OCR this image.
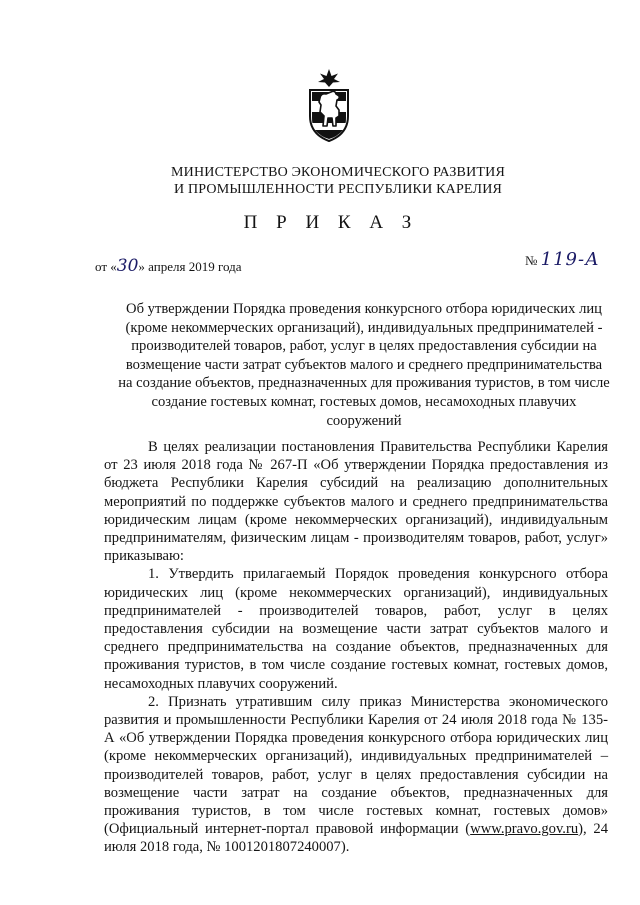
МИНИСТЕРСТВО ЭКОНОМИЧЕСКОГО РАЗВИТИЯ
И ПРОМЫШЛЕННОСТИ РЕСПУБЛИКИ КАРЕЛИЯ
П Р И К А З
от «30» апреля 2019 года	№ 119-А
Об утверждении Порядка проведения конкурсного отбора юридических лиц (кроме некоммерческих организаций), индивидуальных предпринимателей - производителей товаров, работ, услуг в целях предоставления субсидии на возмещение части затрат субъектов малого и среднего предпринимательства на создание объектов, предназначенных для проживания туристов, в том числе создание гостевых комнат, гостевых домов, несамоходных плавучих сооружений

В целях реализации постановления Правительства Республики Карелия от 23 июля 2018 года № 267-П «Об утверждении Порядка предоставления из бюджета Республики Карелия субсидий на реализацию дополнительных мероприятий по поддержке субъектов малого и среднего предпринимательства юридическим лицам (кроме некоммерческих организаций), индивидуальным предпринимателям, физическим лицам - производителям товаров, работ, услуг» приказываю:

1. Утвердить прилагаемый Порядок проведения конкурсного отбора юридических лиц (кроме некоммерческих организаций), индивидуальных предпринимателей - производителей товаров, работ, услуг в целях предоставления субсидии на возмещение части затрат субъектов малого и среднего предпринимательства на создание объектов, предназначенных для проживания туристов, в том числе создание гостевых комнат, гостевых домов, несамоходных плавучих сооружений.

2. Признать утратившим силу приказ Министерства экономического развития и промышленности Республики Карелия от 24 июля 2018 года № 135-А «Об утверждении Порядка проведения конкурсного отбора юридических лиц (кроме некоммерческих организаций), индивидуальных предпринимателей – производителей товаров, работ, услуг в целях предоставления субсидии на возмещение части затрат на создание объектов, предназначенных для проживания туристов, в том числе гостевых комнат, гостевых домов» (Официальный интернет-портал правовой информации (www.pravo.gov.ru), 24 июля 2018 года, № 1001201807240007).
